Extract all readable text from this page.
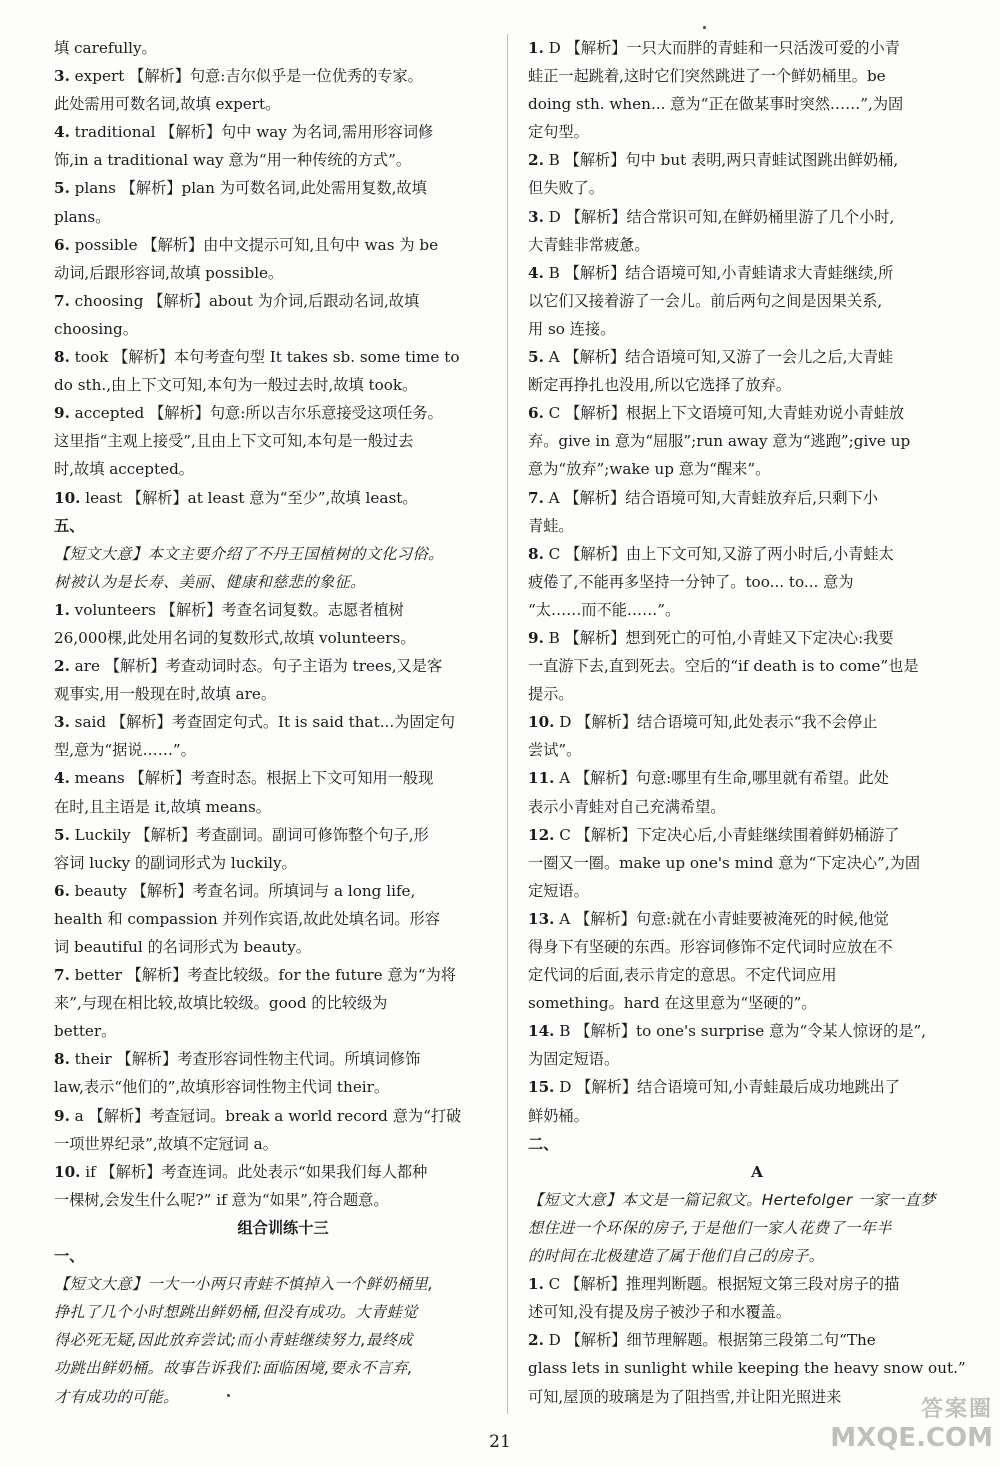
填 carefully。
3. expert 【解析】句意:吉尔似乎是一位优秀的专家。
此处需用可数名词,故填 expert。
4. traditional 【解析】句中 way 为名词,需用形容词修
饰,in a traditional way 意为“用一种传统的方式”。
5. plans 【解析】plan 为可数名词,此处需用复数,故填
plans。
6. possible 【解析】由中文提示可知,且句中 was 为 be
动词,后跟形容词,故填 possible。
7. choosing 【解析】about 为介词,后跟动名词,故填
choosing。
8. took 【解析】本句考查句型 It takes sb. some time to
do sth.,由上下文可知,本句为一般过去时,故填 took。
9. accepted 【解析】句意:所以吉尔乐意接受这项任务。
这里指“主观上接受”,且由上下文可知,本句是一般过去
时,故填 accepted。
10. least 【解析】at least 意为“至少”,故填 least。
五、
【短文大意】本文主要介绍了不丹王国植树的文化习俗。
树被认为是长寿、美丽、健康和慈悲的象征。
1. volunteers 【解析】考查名词复数。志愿者植树
26,000棵,此处用名词的复数形式,故填 volunteers。
2. are 【解析】考查动词时态。句子主语为 trees,又是客
观事实,用一般现在时,故填 are。
3. said 【解析】考查固定句式。It is said that...为固定句
型,意为“据说……”。
4. means 【解析】考查时态。根据上下文可知用一般现
在时,且主语是 it,故填 means。
5. Luckily 【解析】考查副词。副词可修饰整个句子,形
容词 lucky 的副词形式为 luckily。
6. beauty 【解析】考查名词。所填词与 a long life,
health 和 compassion 并列作宾语,故此处填名词。形容
词 beautiful 的名词形式为 beauty。
7. better 【解析】考查比较级。for the future 意为“为将
来”,与现在相比较,故填比较级。good 的比较级为
better。
8. their 【解析】考查形容词性物主代词。所填词修饰
law,表示“他们的”,故填形容词性物主代词 their。
9. a 【解析】考查冠词。break a world record 意为“打破
一项世界纪录”,故填不定冠词 a。
10. if 【解析】考查连词。此处表示“如果我们每人都种
一棵树,会发生什么呢?” if 意为“如果”,符合题意。
组合训练十三
一、
【短文大意】一大一小两只青蛙不慎掉入一个鲜奶桶里,
挣扎了几个小时想跳出鲜奶桶,但没有成功。大青蛙觉
得必死无疑,因此放弃尝试;而小青蛙继续努力,最终成
功跳出鲜奶桶。故事告诉我们:面临困境,要永不言弃,
才有成功的可能。
1. D 【解析】一只大而胖的青蛙和一只活泼可爱的小青
蛙正一起跳着,这时它们突然跳进了一个鲜奶桶里。be
doing sth. when... 意为“正在做某事时突然……”,为固
定句型。
2. B 【解析】句中 but 表明,两只青蛙试图跳出鲜奶桶,
但失败了。
3. D 【解析】结合常识可知,在鲜奶桶里游了几个小时,
大青蛙非常疲惫。
4. B 【解析】结合语境可知,小青蛙请求大青蛙继续,所
以它们又接着游了一会儿。前后两句之间是因果关系,
用 so 连接。
5. A 【解析】结合语境可知,又游了一会儿之后,大青蛙
断定再挣扎也没用,所以它选择了放弃。
6. C 【解析】根据上下文语境可知,大青蛙劝说小青蛙放
弃。give in 意为“屈服”;run away 意为“逃跑”;give up
意为“放弃”;wake up 意为“醒来”。
7. A 【解析】结合语境可知,大青蛙放弃后,只剩下小
青蛙。
8. C 【解析】由上下文可知,又游了两小时后,小青蛙太
疲倦了,不能再多坚持一分钟了。too... to... 意为
“太……而不能……”。
9. B 【解析】想到死亡的可怕,小青蛙又下定决心:我要
一直游下去,直到死去。空后的“if death is to come”也是
提示。
10. D 【解析】结合语境可知,此处表示“我不会停止
尝试”。
11. A 【解析】句意:哪里有生命,哪里就有希望。此处
表示小青蛙对自己充满希望。
12. C 【解析】下定决心后,小青蛙继续围着鲜奶桶游了
一圈又一圈。make up one's mind 意为“下定决心”,为固
定短语。
13. A 【解析】句意:就在小青蛙要被淹死的时候,他觉
得身下有坚硬的东西。形容词修饰不定代词时应放在不
定代词的后面,表示肯定的意思。不定代词应用
something。hard 在这里意为“坚硬的”。
14. B 【解析】to one's surprise 意为“令某人惊讶的是”,
为固定短语。
15. D 【解析】结合语境可知,小青蛙最后成功地跳出了
鲜奶桶。
二、
A
【短文大意】本文是一篇记叙文。Hertefolger 一家一直梦
想住进一个环保的房子,于是他们一家人花费了一年半
的时间在北极建造了属于他们自己的房子。
1. C 【解析】推理判断题。根据短文第三段对房子的描
述可知,没有提及房子被沙子和水覆盖。
2. D 【解析】细节理解题。根据第三段第二句“The
glass lets in sunlight while keeping the heavy snow out.”
可知,屋顶的玻璃是为了阻挡雪,并让阳光照进来
21
答案圈
MXQE.COM
